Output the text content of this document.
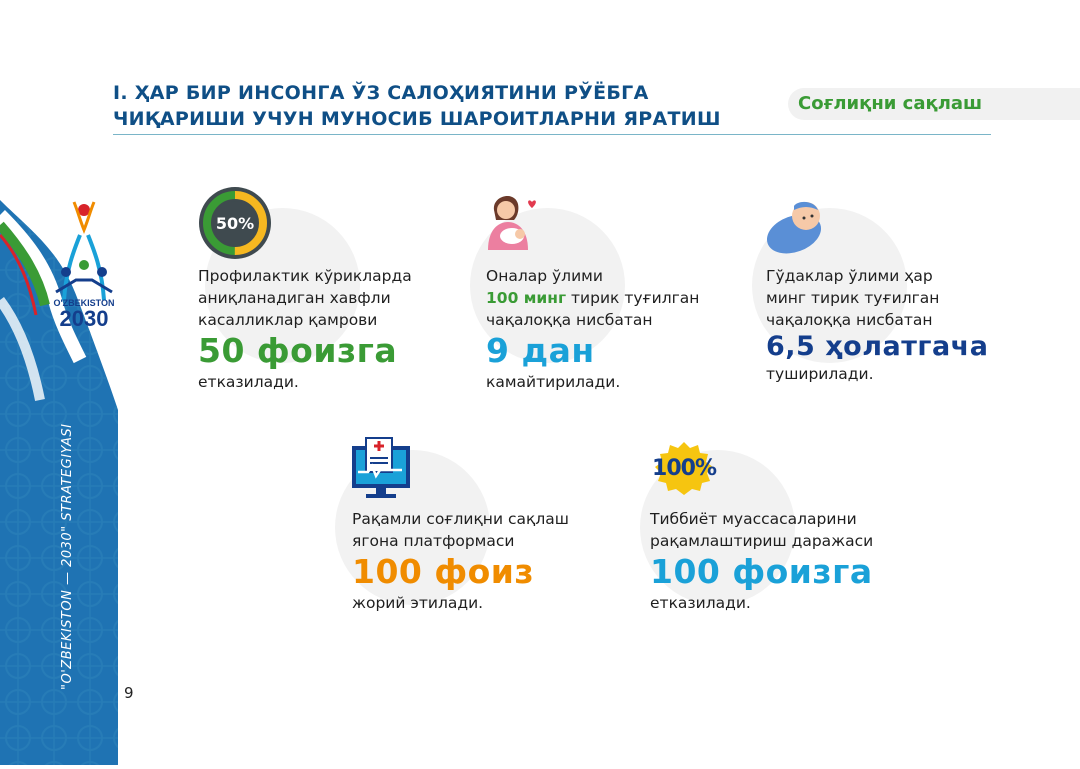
O'ZBEKISTON
2030
"O'ZBEKISTON — 2030" STRATEGIYASI
9
I. ҲАР БИР ИНСОНГА ЎЗ САЛОҲИЯТИНИ РЎЁБГА
ЧИҚАРИШИ УЧУН МУНОСИБ ШАРОИТЛАРНИ ЯРАТИШ
Соғлиқни сақлаш
50%
100%
Профилактик кўрикларда
аниқланадиган хавфли
касалликлар қамрови
50 фоизга
етказилади.
Оналар ўлими
100 минг тирик туғилган
чақалоққа нисбатан
9 дан
камайтирилади.
Гўдаклар ўлими ҳар
минг тирик туғилган
чақалоққа нисбатан
6,5 ҳолатгача
туширилади.
Рақамли соғлиқни сақлаш
ягона платформаси
100 фоиз
жорий этилади.
Тиббиёт муассасаларини
рақамлаштириш даражаси
100 фоизга
етказилади.
